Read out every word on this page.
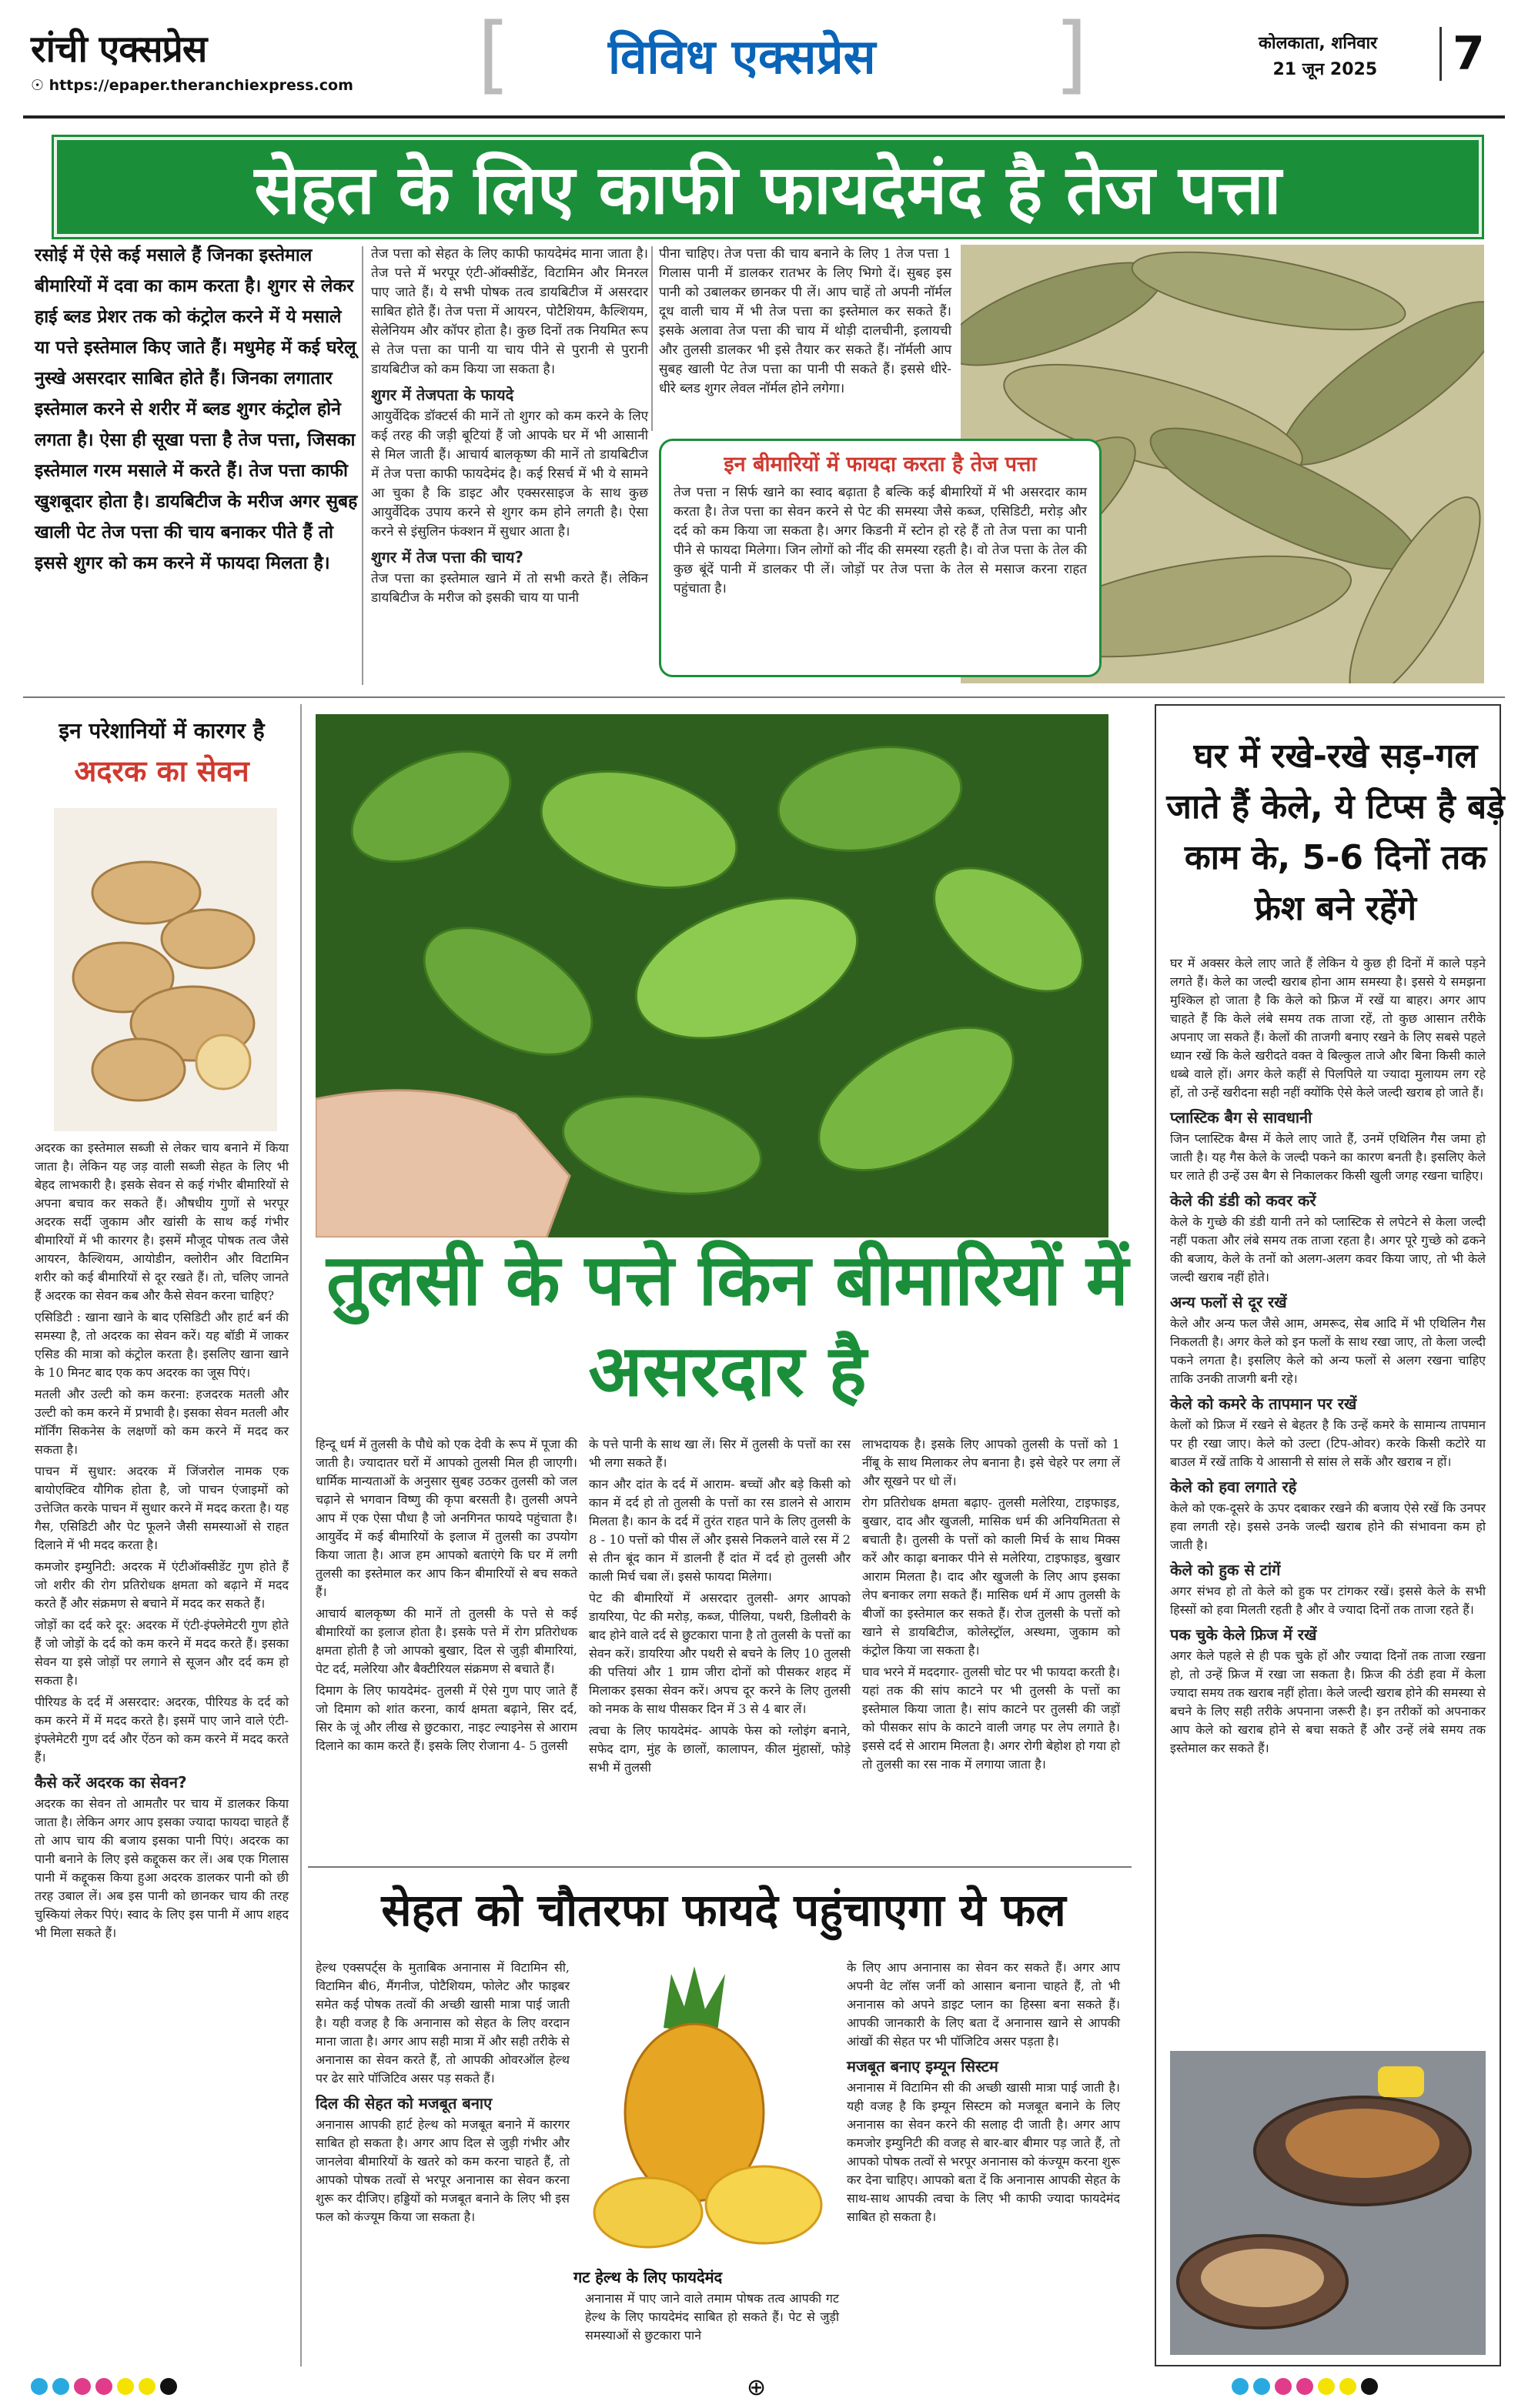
रांची एक्सप्रेस
☉ https://epaper.theranchiexpress.com [ विविध एक्सप्रेस ]	कोलकाता, शनिवार
21 जून 2025 7
सेहत के लिए काफी फायदेमंद है तेज पत्ता
रसोई में ऐसे कई मसाले हैं जिनका इस्तेमाल बीमारियों में दवा का काम करता है। शुगर से लेकर हाई ब्लड प्रेशर तक को कंट्रोल करने में ये मसाले या पत्ते इस्तेमाल किए जाते हैं। मधुमेह में कई घरेलू नुस्खे असरदार साबित होते हैं। जिनका लगातार इस्तेमाल करने से शरीर में ब्लड शुगर कंट्रोल होने लगता है। ऐसा ही सूखा पत्ता है तेज पत्ता, जिसका इस्तेमाल गरम मसाले में करते हैं। तेज पत्ता काफी खुशबूदार होता है। डायबिटीज के मरीज अगर सुबह खाली पेट तेज पत्ता की चाय बनाकर पीते हैं तो इससे शुगर को कम करने में फायदा मिलता है।

तेज पत्ता को सेहत के लिए काफी फायदेमंद माना जाता है। तेज पत्ते में भरपूर एंटी-ऑक्सीडेंट, विटामिन और मिनरल पाए जाते हैं। ये सभी पोषक तत्व डायबिटीज में असरदार साबित होते हैं। तेज पत्ता में आयरन, पोटैशियम, कैल्शियम, सेलेनियम और कॉपर होता है। कुछ दिनों तक नियमित रूप से तेज पत्ता का पानी या चाय पीने से पुरानी से पुरानी डायबिटीज को कम किया जा सकता है।

शुगर में तेजपता के फायदे

आयुर्वेदिक डॉक्टर्स की मानें तो शुगर को कम करने के लिए कई तरह की जड़ी बूटियां हैं जो आपके घर में भी आसानी से मिल जाती हैं। आचार्य बालकृष्ण की मानें तो डायबिटीज में तेज पत्ता काफी फायदेमंद है। कई रिसर्च में भी ये सामने आ चुका है कि डाइट और एक्सरसाइज के साथ कुछ आयुर्वेदिक उपाय करने से शुगर कम होने लगती है। ऐसा करने से इंसुलिन फंक्शन में सुधार आता है।

शुगर में तेज पत्ता की चाय?

तेज पत्ता का इस्तेमाल खाने में तो सभी करते हैं। लेकिन डायबिटीज के मरीज को इसकी चाय या पानी

पीना चाहिए। तेज पत्ता की चाय बनाने के लिए 1 तेज पत्ता 1 गिलास पानी में डालकर रातभर के लिए भिगो दें। सुबह इस पानी को उबालकर छानकर पी लें। आप चाहें तो अपनी नॉर्मल दूध वाली चाय में भी तेज पत्ता का इस्तेमाल कर सकते हैं। इसके अलावा तेज पत्ता की चाय में थोड़ी दालचीनी, इलायची और तुलसी डालकर भी इसे तैयार कर सकते हैं। नॉर्मली आप सुबह खाली पेट तेज पत्ता का पानी पी सकते हैं। इससे धीरे-धीरे ब्लड शुगर लेवल नॉर्मल होने लगेगा।

इन बीमारियों में फायदा करता है तेज पत्ता

तेज पत्ता न सिर्फ खाने का स्वाद बढ़ाता है बल्कि कई बीमारियों में भी असरदार काम करता है। तेज पत्ता का सेवन करने से पेट की समस्या जैसे कब्ज, एसिडिटी, मरोड़ और दर्द को कम किया जा सकता है। अगर किडनी में स्टोन हो रहे हैं तो तेज पत्ता का पानी पीने से फायदा मिलेगा। जिन लोगों को नींद की समस्या रहती है। वो तेज पत्ता के तेल की कुछ बूंदें पानी में डालकर पी लें। जोड़ों पर तेज पत्ता के तेल से मसाज करना राहत पहुंचाता है।

इन परेशानियों में कारगर है
अदरक का सेवन

अदरक का इस्तेमाल सब्जी से लेकर चाय बनाने में किया जाता है। लेकिन यह जड़ वाली सब्जी सेहत के लिए भी बेहद लाभकारी है। इसके सेवन से कई गंभीर बीमारियों से अपना बचाव कर सकते हैं। औषधीय गुणों से भरपूर अदरक सर्दी जुकाम और खांसी के साथ कई गंभीर बीमारियों में भी कारगर है। इसमें मौजूद पोषक तत्व जैसे आयरन, कैल्शियम, आयोडीन, क्लोरीन और विटामिन शरीर को कई बीमारियों से दूर रखते हैं। तो, चलिए जानते हैं अदरक का सेवन कब और कैसे सेवन करना चाहिए?

एसिडिटी : खाना खाने के बाद एसिडिटी और हार्ट बर्न की समस्या है, तो अदरक का सेवन करें। यह बॉडी में जाकर एसिड की मात्रा को कंट्रोल करता है। इसलिए खाना खाने के 10 मिनट बाद एक कप अदरक का जूस पिएं।

मतली और उल्टी को कम करना: हजदरक मतली और उल्टी को कम करने में प्रभावी है। इसका सेवन मतली और मॉर्निंग सिकनेस के लक्षणों को कम करने में मदद कर सकता है।

पाचन में सुधार: अदरक में जिंजरोल नामक एक बायोएक्टिव यौगिक होता है, जो पाचन एंजाइमों को उत्तेजित करके पाचन में सुधार करने में मदद करता है। यह गैस, एसिडिटी और पेट फूलने जैसी समस्याओं से राहत दिलाने में भी मदद करता है।

कमजोर इम्युनिटी: अदरक में एंटीऑक्सीडेंट गुण होते हैं जो शरीर की रोग प्रतिरोधक क्षमता को बढ़ाने में मदद करते हैं और संक्रमण से बचाने में मदद कर सकते हैं।

जोड़ों का दर्द करे दूर: अदरक में एंटी-इंफ्लेमेटरी गुण होते हैं जो जोड़ों के दर्द को कम करने में मदद करते हैं। इसका सेवन या इसे जोड़ों पर लगाने से सूजन और दर्द कम हो सकता है।

पीरियड के दर्द में असरदार: अदरक, पीरियड के दर्द को कम करने में में मदद करते है। इसमें पाए जाने वाले एंटी-इंफ्लेमेटरी गुण दर्द और ऐंठन को कम करने में मदद करते हैं।

कैसे करें अदरक का सेवन?

अदरक का सेवन तो आमतौर पर चाय में डालकर किया जाता है। लेकिन अगर आप इसका ज्यादा फायदा चाहते हैं तो आप चाय की बजाय इसका पानी पिएं। अदरक का पानी बनाने के लिए इसे कद्दूकस कर लें। अब एक गिलास पानी में कद्दूकस किया हुआ अदरक डालकर पानी को छी तरह उबाल लें। अब इस पानी को छानकर चाय की तरह चुस्कियां लेकर पिएं। स्वाद के लिए इस पानी में आप शहद भी मिला सकते हैं।

तुलसी के पत्ते किन बीमारियों में असरदार है

हिन्दू धर्म में तुलसी के पौधे को एक देवी के रूप में पूजा की जाती है। ज्यादातर घरों में आपको तुलसी मिल ही जाएगी। धार्मिक मान्यताओं के अनुसार सुबह उठकर तुलसी को जल चढ़ाने से भगवान विष्णु की कृपा बरसती है। तुलसी अपने आप में एक ऐसा पौधा है जो अनगिनत फायदे पहुंचाता है। आयुर्वेद में कई बीमारियों के इलाज में तुलसी का उपयोग किया जाता है। आज हम आपको बताएंगे कि घर में लगी तुलसी का इस्तेमाल कर आप किन बीमारियों से बच सकते हैं।

आचार्य बालकृष्ण की मानें तो तुलसी के पत्ते से कई बीमारियों का इलाज होता है। इसके पत्ते में रोग प्रतिरोधक क्षमता होती है जो आपको बुखार, दिल से जुड़ी बीमारियां, पेट दर्द, मलेरिया और बैक्टीरियल संक्रमण से बचाते हैं।

दिमाग के लिए फायदेमंद- तुलसी में ऐसे गुण पाए जाते हैं जो दिमाग को शांत करना, कार्य क्षमता बढ़ाने, सिर दर्द, सिर के जूं और लीख से छुटकारा, नाइट ल्याइनेस से आराम दिलाने का काम करते हैं। इसके लिए रोजाना 4- 5 तुलसी

के पत्ते पानी के साथ खा लें। सिर में तुलसी के पत्तों का रस भी लगा सकते हैं।

कान और दांत के दर्द में आराम- बच्चों और बड़े किसी को कान में दर्द हो तो तुलसी के पत्तों का रस डालने से आराम मिलता है। कान के दर्द में तुरंत राहत पाने के लिए तुलसी के 8 - 10 पत्तों को पीस लें और इससे निकलने वाले रस में 2 से तीन बूंद कान में डालनी हैं दांत में दर्द हो तुलसी और काली मिर्च चबा लें। इससे फायदा मिलेगा।

पेट की बीमारियों में असरदार तुलसी- अगर आपको डायरिया, पेट की मरोड़, कब्ज, पीलिया, पथरी, डिलीवरी के बाद होने वाले दर्द से छुटकारा पाना है तो तुलसी के पत्तों का सेवन करें। डायरिया और पथरी से बचने के लिए 10 तुलसी की पत्तियां और 1 ग्राम जीरा दोनों को पीसकर शहद में मिलाकर इसका सेवन करें। अपच दूर करने के लिए तुलसी को नमक के साथ पीसकर दिन में 3 से 4 बार लें।

त्वचा के लिए फायदेमंद- आपके फेस को ग्लोइंग बनाने, सफेद दाग, मुंह के छालों, कालापन, कील मुंहासों, फोड़े सभी में तुलसी

लाभदायक है। इसके लिए आपको तुलसी के पत्तों को 1 नींबू के साथ मिलाकर लेप बनाना है। इसे चेहरे पर लगा लें और सूखने पर धो लें।

रोग प्रतिरोधक क्षमता बढ़ाए- तुलसी मलेरिया, टाइफाइड, बुखार, दाद और खुजली, मासिक धर्म की अनियमितता से बचाती है। तुलसी के पत्तों को काली मिर्च के साथ मिक्स करें और काढ़ा बनाकर पीने से मलेरिया, टाइफाइड, बुखार आराम मिलता है। दाद और खुजली के लिए आप इसका लेप बनाकर लगा सकते हैं। मासिक धर्म में आप तुलसी के बीजों का इस्तेमाल कर सकते हैं। रोज तुलसी के पत्तों को खाने से डायबिटीज, कोलेस्ट्रॉल, अस्थमा, जुकाम को कंट्रोल किया जा सकता है।

घाव भरने में मददगार- तुलसी चोट पर भी फायदा करती है। यहां तक की सांप काटने पर भी तुलसी के पत्तों का इस्तेमाल किया जाता है। सांप काटने पर तुलसी की जड़ों को पीसकर सांप के काटने वाली जगह पर लेप लगाते है। इससे दर्द से आराम मिलता है। अगर रोगी बेहोश हो गया हो तो तुलसी का रस नाक में लगाया जाता है।

सेहत को चौतरफा फायदे पहुंचाएगा ये फल

हेल्थ एक्सपर्ट्स के मुताबिक अनानास में विटामिन सी, विटामिन बी6, मैंगनीज, पोटैशियम, फोलेट और फाइबर समेत कई पोषक तत्वों की अच्छी खासी मात्रा पाई जाती है। यही वजह है कि अनानास को सेहत के लिए वरदान माना जाता है। अगर आप सही मात्रा में और सही तरीके से अनानास का सेवन करते हैं, तो आपकी ओवरऑल हेल्थ पर ढेर सारे पॉजिटिव असर पड़ सकते हैं।

दिल की सेहत को मजबूत बनाए

अनानास आपकी हार्ट हेल्थ को मजबूत बनाने में कारगर साबित हो सकता है। अगर आप दिल से जुड़ी गंभीर और जानलेवा बीमारियों के खतरे को कम करना चाहते हैं, तो आपको पोषक तत्वों से भरपूर अनानास का सेवन करना शुरू कर दीजिए। हड्डियों को मजबूत बनाने के लिए भी इस फल को कंज्यूम किया जा सकता है।

गट हेल्थ के लिए फायदेमंद

अनानास में पाए जाने वाले तमाम पोषक तत्व आपकी गट हेल्थ के लिए फायदेमंद साबित हो सकते हैं। पेट से जुड़ी समस्याओं से छुटकारा पाने

के लिए आप अनानास का सेवन कर सकते हैं। अगर आप अपनी वेट लॉस जर्नी को आसान बनाना चाहते हैं, तो भी अनानास को अपने डाइट प्लान का हिस्सा बना सकते हैं। आपकी जानकारी के लिए बता दें अनानास खाने से आपकी आंखों की सेहत पर भी पॉजिटिव असर पड़ता है।

मजबूत बनाए इम्यून सिस्टम

अनानास में विटामिन सी की अच्छी खासी मात्रा पाई जाती है। यही वजह है कि इम्यून सिस्टम को मजबूत बनाने के लिए अनानास का सेवन करने की सलाह दी जाती है। अगर आप कमजोर इम्युनिटी की वजह से बार-बार बीमार पड़ जाते हैं, तो आपको पोषक तत्वों से भरपूर अनानास को कंज्यूम करना शुरू कर देना चाहिए। आपको बता दें कि अनानास आपकी सेहत के साथ-साथ आपकी त्वचा के लिए भी काफी ज्यादा फायदेमंद साबित हो सकता है।

घर में रखे-रखे सड़-गल जाते हैं केले, ये टिप्स है बड़े काम के, 5-6 दिनों तक फ्रेश बने रहेंगे

घर में अक्सर केले लाए जाते हैं लेकिन ये कुछ ही दिनों में काले पड़ने लगते हैं। केले का जल्दी खराब होना आम समस्या है। इससे ये समझना मुश्किल हो जाता है कि केले को फ्रिज में रखें या बाहर। अगर आप चाहते हैं कि केले लंबे समय तक ताजा रहें, तो कुछ आसान तरीके अपनाए जा सकते हैं। केलों की ताजगी बनाए रखने के लिए सबसे पहले ध्यान रखें कि केले खरीदते वक्त वे बिल्कुल ताजे और बिना किसी काले धब्बे वाले हों। अगर केले कहीं से पिलपिले या ज्यादा मुलायम लग रहे हों, तो उन्हें खरीदना सही नहीं क्योंकि ऐसे केले जल्दी खराब हो जाते हैं।

प्लास्टिक बैग से सावधानी

जिन प्लास्टिक बैग्स में केले लाए जाते हैं, उनमें एथिलिन गैस जमा हो जाती है। यह गैस केले के जल्दी पकने का कारण बनती है। इसलिए केले घर लाते ही उन्हें उस बैग से निकालकर किसी खुली जगह रखना चाहिए।

केले की डंडी को कवर करें

केले के गुच्छे की डंडी यानी तने को प्लास्टिक से लपेटने से केला जल्दी नहीं पकता और लंबे समय तक ताजा रहता है। अगर पूरे गुच्छे को ढकने की बजाय, केले के तनों को अलग-अलग कवर किया जाए, तो भी केले जल्दी खराब नहीं होते।

अन्य फलों से दूर रखें

केले और अन्य फल जैसे आम, अमरूद, सेब आदि में भी एथिलिन गैस निकलती है। अगर केले को इन फलों के साथ रखा जाए, तो केला जल्दी पकने लगता है। इसलिए केले को अन्य फलों से अलग रखना चाहिए ताकि उनकी ताजगी बनी रहे।

केले को कमरे के तापमान पर रखें

केलों को फ्रिज में रखने से बेहतर है कि उन्हें कमरे के सामान्य तापमान पर ही रखा जाए। केले को उल्टा (टिप-ओवर) करके किसी कटोरे या बाउल में रखें ताकि ये आसानी से सांस ले सकें और खराब न हों।

केले को हवा लगाते रहे

केले को एक-दूसरे के ऊपर दबाकर रखने की बजाय ऐसे रखें कि उनपर हवा लगती रहे। इससे उनके जल्दी खराब होने की संभावना कम हो जाती है।

केले को हुक से टांगें

अगर संभव हो तो केले को हुक पर टांगकर रखें। इससे केले के सभी हिस्सों को हवा मिलती रहती है और वे ज्यादा दिनों तक ताजा रहते हैं।

पक चुके केले फ्रिज में रखें

अगर केले पहले से ही पक चुके हों और ज्यादा दिनों तक ताजा रखना हो, तो उन्हें फ्रिज में रखा जा सकता है। फ्रिज की ठंडी हवा में केला ज्यादा समय तक खराब नहीं होता। केले जल्दी खराब होने की समस्या से बचने के लिए सही तरीके अपनाना जरूरी है। इन तरीकों को अपनाकर आप केले को खराब होने से बचा सकते हैं और उन्हें लंबे समय तक इस्तेमाल कर सकते हैं।

⊕
